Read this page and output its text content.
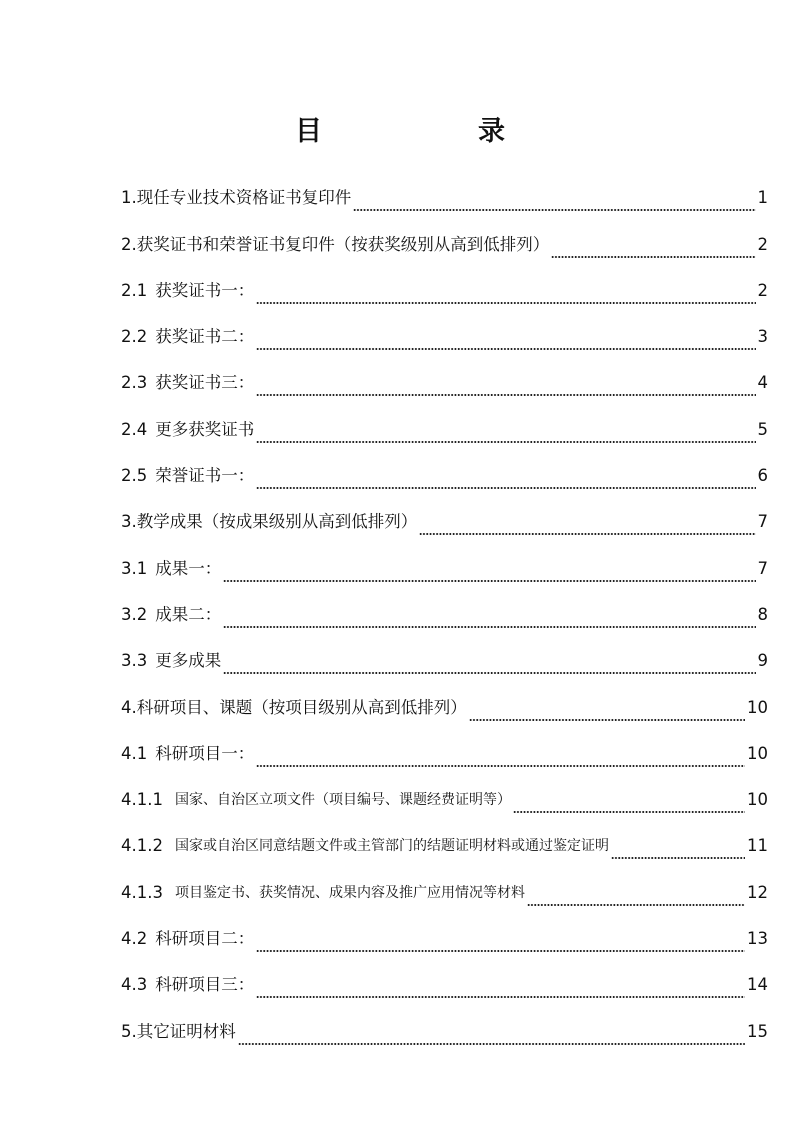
目　　录
1. 现任专业技术资格证书复印件	1
2. 获奖证书和荣誉证书复印件（按获奖级别从高到低排列）	2
2.1 获奖证书一：	2
2.2 获奖证书二：	3
2.3 获奖证书三：	4
2.4 更多获奖证书	5
2.5 荣誉证书一：	6
3. 教学成果（按成果级别从高到低排列）	7
3.1 成果一：	7
3.2 成果二：	8
3.3 更多成果	9
4. 科研项目、课题（按项目级别从高到低排列）	10
4.1 科研项目一：	10
4.1.1 国家、自治区立项文件（项目编号、课题经费证明等）	10
4.1.2 国家或自治区同意结题文件或主管部门的结题证明材料或通过鉴定证明	11
4.1.3 项目鉴定书、获奖情况、成果内容及推广应用情况等材料	12
4.2 科研项目二：	13
4.3 科研项目三：	14
5. 其它证明材料	15
